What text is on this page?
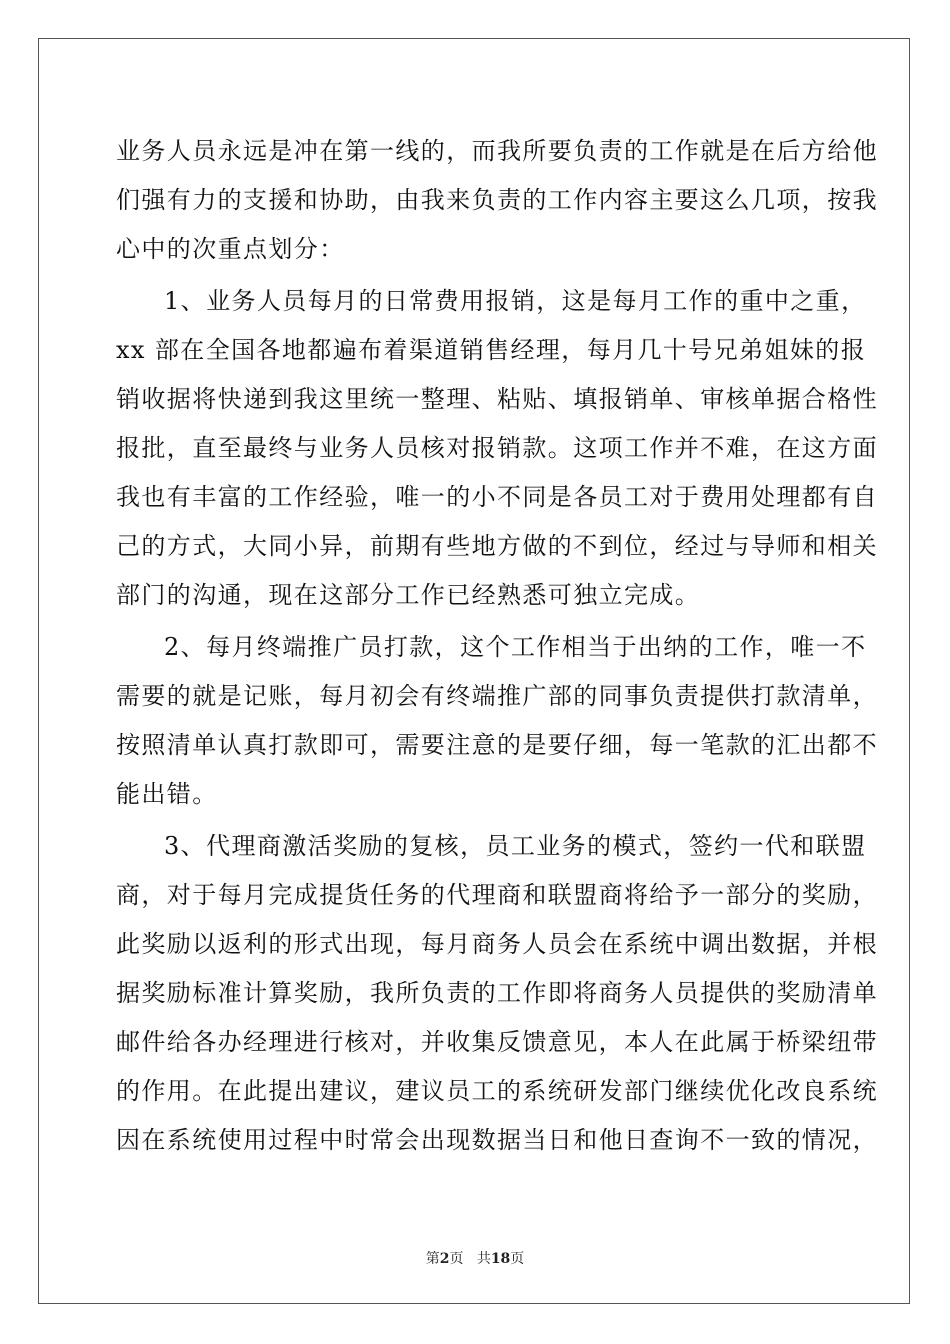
业务人员永远是冲在第一线的，而我所要负责的工作就是在后方给他
们强有力的支援和协助，由我来负责的工作内容主要这么几项，按我
心中的次重点划分：
1、业务人员每月的日常费用报销，这是每月工作的重中之重，
xx 部在全国各地都遍布着渠道销售经理，每月几十号兄弟姐妹的报
销收据将快递到我这里统一整理、粘贴、填报销单、审核单据合格性
报批，直至最终与业务人员核对报销款。这项工作并不难，在这方面
我也有丰富的工作经验，唯一的小不同是各员工对于费用处理都有自
己的方式，大同小异，前期有些地方做的不到位，经过与导师和相关
部门的沟通，现在这部分工作已经熟悉可独立完成。
2、每月终端推广员打款，这个工作相当于出纳的工作，唯一不
需要的就是记账，每月初会有终端推广部的同事负责提供打款清单，
按照清单认真打款即可，需要注意的是要仔细，每一笔款的汇出都不
能出错。
3、代理商激活奖励的复核，员工业务的模式，签约一代和联盟
商，对于每月完成提货任务的代理商和联盟商将给予一部分的奖励，
此奖励以返利的形式出现，每月商务人员会在系统中调出数据，并根
据奖励标准计算奖励，我所负责的工作即将商务人员提供的奖励清单
邮件给各办经理进行核对，并收集反馈意见，本人在此属于桥梁纽带
的作用。在此提出建议，建议员工的系统研发部门继续优化改良系统
因在系统使用过程中时常会出现数据当日和他日查询不一致的情况，
第2页 共18页
